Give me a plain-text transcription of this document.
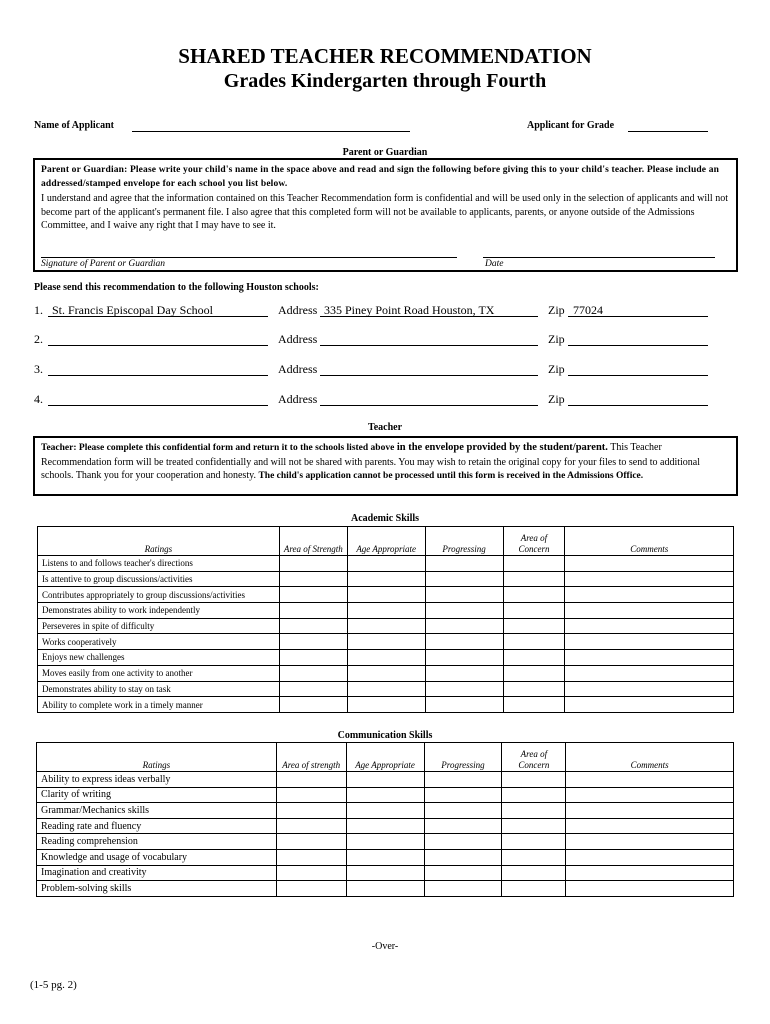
SHARED TEACHER RECOMMENDATION
Grades Kindergarten through Fourth
Name of Applicant	Applicant for Grade
Parent or Guardian
Parent or Guardian: Please write your child's name in the space above and read and sign the following before giving this to your child's teacher. Please include an addressed/stamped envelope for each school you list below.
I understand and agree that the information contained on this Teacher Recommendation form is confidential and will be used only in the selection of applicants and will not become part of the applicant's permanent file. I also agree that this completed form will not be available to applicants, parents, or anyone outside of the Admissions Committee, and I waive any right that I may have to see it.
Signature of Parent or Guardian	Date
Please send this recommendation to the following Houston schools:
1. St. Francis Episcopal Day School	Address 335 Piney Point Road Houston, TX	Zip 77024
2.	Address	Zip
3.	Address	Zip
4.	Address	Zip
Teacher
Teacher: Please complete this confidential form and return it to the schools listed above in the envelope provided by the student/parent. This Teacher Recommendation form will be treated confidentially and will not be shared with parents. You may wish to retain the original copy for your files to send to additional schools. Thank you for your cooperation and honesty. The child's application cannot be processed until this form is received in the Admissions Office.
Academic Skills
Ratings	Area of Strength	Age Appropriate	Progressing	Area of Concern	Comments
Listens to and follows teacher's directions					
Is attentive to group discussions/activities					
Contributes appropriately to group discussions/activities					
Demonstrates ability to work independently					
Perseveres in spite of difficulty					
Works cooperatively					
Enjoys new challenges					
Moves easily from one activity to another					
Demonstrates ability to stay on task					
Ability to complete work in a timely manner					
Communication Skills
Ratings	Area of strength	Age Appropriate	Progressing	Area of Concern	Comments
Ability to express ideas verbally					
Clarity of writing					
Grammar/Mechanics skills					
Reading rate and fluency					
Reading comprehension					
Knowledge and usage of vocabulary					
Imagination and creativity					
Problem-solving skills					
-Over-
(1-5 pg. 2)
